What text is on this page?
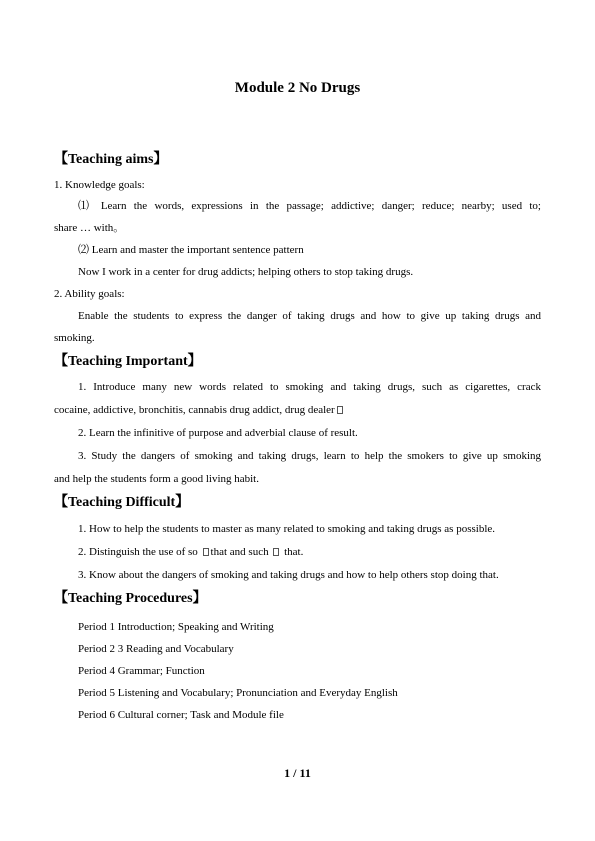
Module 2 No Drugs
【Teaching aims】
1. Knowledge goals:
⑴ Learn the words, expressions in the passage; addictive; danger; reduce; nearby; used to;
share … with。
⑵ Learn and master the important sentence pattern
Now I work in a center for drug addicts; helping others to stop taking drugs.
2. Ability goals:
Enable the students to express the danger of taking drugs and how to give up taking drugs and
smoking.
【Teaching Important】
1. Introduce many new words related to smoking and taking drugs, such as cigarettes, crack
cocaine, addictive, bronchitis, cannabis drug addict, drug dealer
2. Learn the infinitive of purpose and adverbial clause of result.
3. Study the dangers of smoking and taking drugs, learn to help the smokers to give up smoking
and help the students form a good living habit.
【Teaching Difficult】
1. How to help the students to master as many related to smoking and taking drugs as possible.
2. Distinguish the use of so that and such that.
3. Know about the dangers of smoking and taking drugs and how to help others stop doing that.
【Teaching Procedures】
Period 1 Introduction; Speaking and Writing
Period 2 3 Reading and Vocabulary
Period 4 Grammar; Function
Period 5 Listening and Vocabulary; Pronunciation and Everyday English
Period 6 Cultural corner; Task and Module file
1 / 11
